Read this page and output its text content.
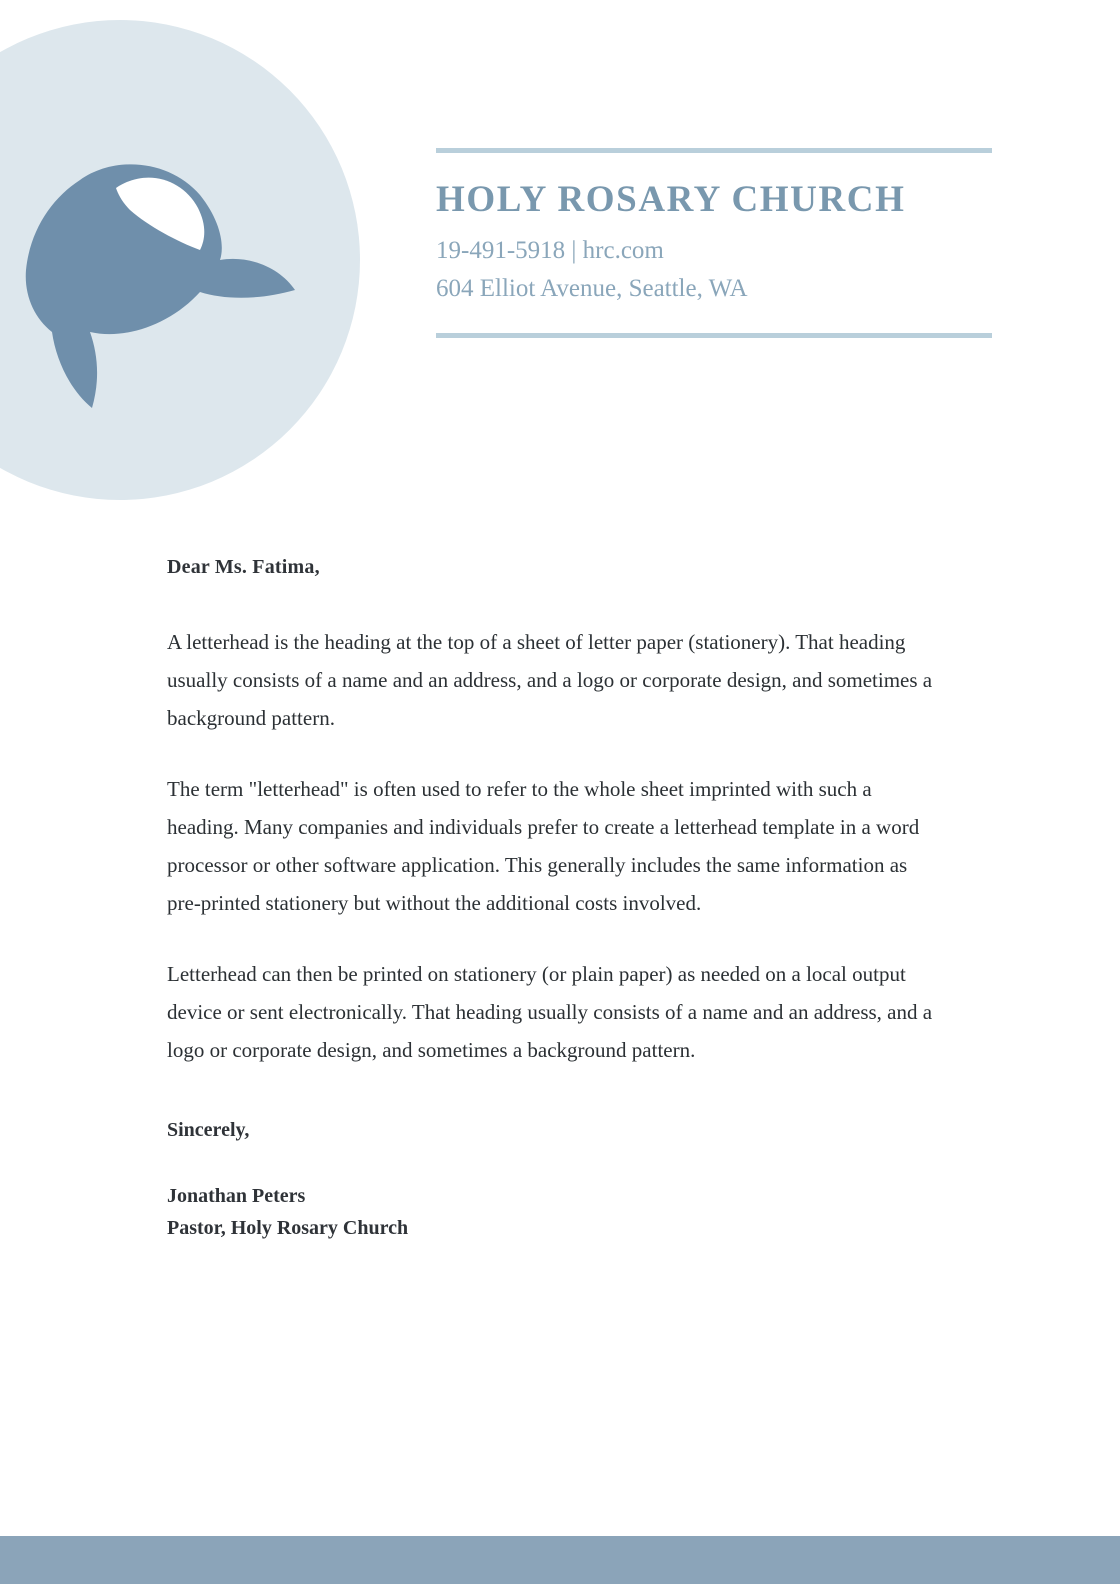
HOLY ROSARY CHURCH

19-491-5918 | hrc.com

604 Elliot Avenue, Seattle, WA

Dear Ms. Fatima,

A letterhead is the heading at the top of a sheet of letter paper (stationery). That heading usually consists of a name and an address, and a logo or corporate design, and sometimes a background pattern.

The term "letterhead" is often used to refer to the whole sheet imprinted with such a heading. Many companies and individuals prefer to create a letterhead template in a word processor or other software application. This generally includes the same information as pre-printed stationery but without the additional costs involved.

Letterhead can then be printed on stationery (or plain paper) as needed on a local output device or sent electronically. That heading usually consists of a name and an address, and a logo or corporate design, and sometimes a background pattern.

Sincerely,

Jonathan Peters
Pastor, Holy Rosary Church
